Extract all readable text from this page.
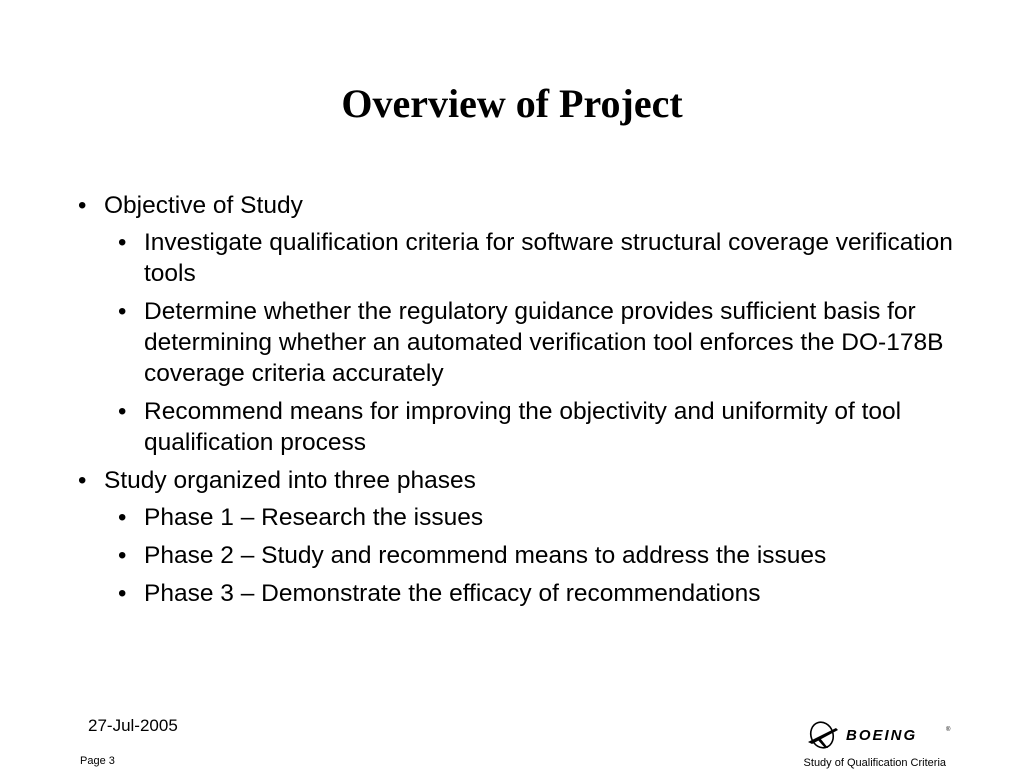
Overview of Project
• Objective of Study
• Investigate qualification criteria for software structural coverage verification tools
• Determine whether the regulatory guidance provides sufficient basis for determining whether an automated verification tool enforces the DO-178B coverage criteria accurately
• Recommend means for improving the objectivity and uniformity of tool qualification process
• Study organized into three phases
• Phase 1 – Research the issues
• Phase 2 – Study and recommend means to address the issues
• Phase 3 – Demonstrate the efficacy of recommendations
27-Jul-2005
BOEING	®
Page 3	Study of Qualification Criteria
